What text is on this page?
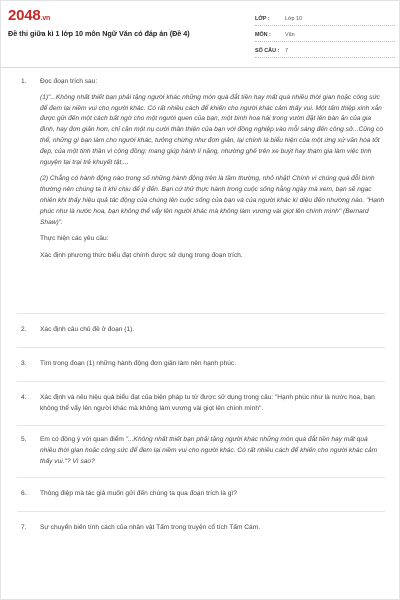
2048.vn
Đề thi giữa kì 1 lớp 10 môn Ngữ Văn có đáp án (Đề 4)
LỚP :	Lớp 10
MÔN :	Văn
SỐ CÂU : 7
1. Đọc đoạn trích sau:

(1)"...Không nhất thiết bạn phải tặng người khác những món quà đắt tiền hay mất quá nhiều thời gian hoặc công sức để đem lại niềm vui cho người khác. Có rất nhiều cách để khiến cho người khác cảm thấy vui. Một tấm thiệp xinh xắn được gửi đến một cách bất ngờ cho một người quen của bạn, một bình hoa hái trong vườn đặt lên bàn ăn của gia đình, hay đơn giản hơn, chỉ cần một nụ cười thân thiện của bạn với đồng nghiệp vào mỗi sáng đến công sở...Cũng có thể, những gì bạn làm cho người khác, tưởng chừng như đơn giản, lại chính là biểu hiện của một ứng xử văn hóa tốt đẹp, của một tinh thần vì cộng đồng: mang giúp hành lí nặng, nhường ghế trên xe buýt hay tham gia làm việc tình nguyện tại trại trẻ khuyết tật,...

(2) Chẳng có hành động nào trong số những hành động trên là tầm thường, nhỏ nhặt! Chính vì chúng quá đỗi bình thường nên chúng ta ít khi chịu để ý đến. Bạn cứ thử thực hành trong cuộc sống hằng ngày mà xem, bạn sẽ ngạc nhiên khi thấy hiệu quả tác động của chúng lên cuộc sống của bạn và của người khác kì diệu đến nhường nào. "Hạnh phúc như là nước hoa, bạn không thể vẩy lên người khác mà không làm vương vài giọt lên chính mình" (Bernard Shaw)".

Thực hiện các yêu cầu:

Xác định phương thức biểu đạt chính được sử dụng trong đoạn trích.

2. Xác định câu chủ đề ở đoạn (1).

3. Tìm trong đoạn (1) những hành động đơn giản làm nên hạnh phúc.

4. Xác định và nêu hiệu quả biểu đạt của biện pháp tu từ được sử dụng trong câu: "Hạnh phúc như là nước hoa, bạn không thể vẩy lên người khác mà không làm vương vài giọt lên chính mình".

5. Em có đồng ý với quan điểm "...Không nhất thiết bạn phải tặng người khác những món quà đắt tiền hay mất quá nhiều thời gian hoặc công sức để đem lại niềm vui cho người khác. Có rất nhiều cách để khiến cho người khác cảm thấy vui."? Vì sao?

6. Thông điệp mà tác giả muốn gửi đến chúng ta qua đoạn trích là gì?

7. Sự chuyển biến tính cách của nhân vật Tấm trong truyện cổ tích Tấm Cám.
